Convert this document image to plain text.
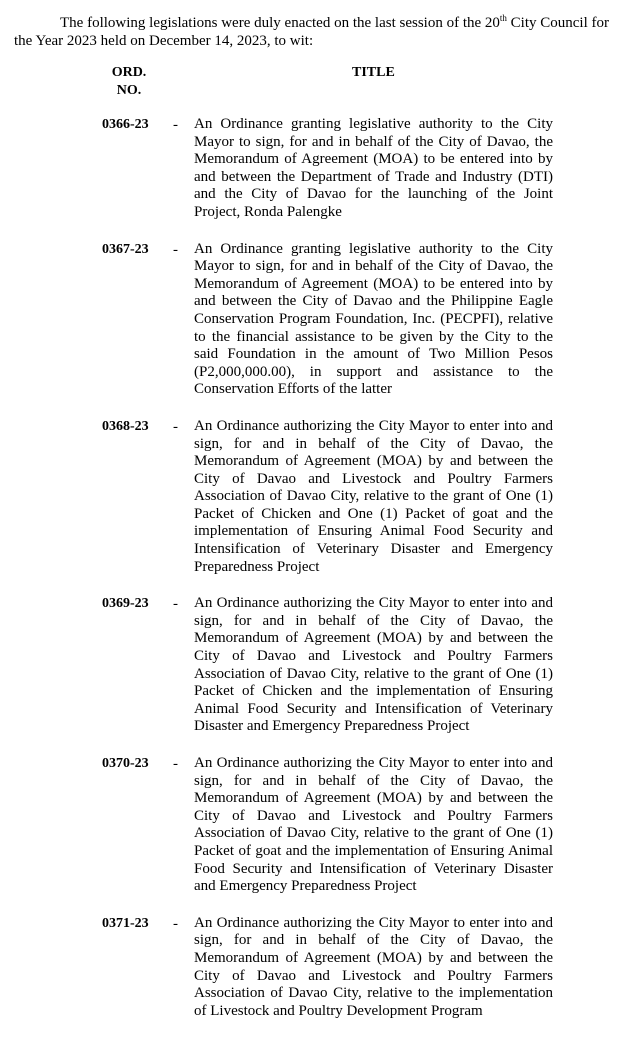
The following legislations were duly enacted on the last session of the 20th City Council for the Year 2023 held on December 14, 2023, to wit:

ORD. NO.
TITLE
0366-23 - An Ordinance granting legislative authority to the City Mayor to sign, for and in behalf of the City of Davao, the Memorandum of Agreement (MOA) to be entered into by and between the Department of Trade and Industry (DTI) and the City of Davao for the launching of the Joint Project, Ronda Palengke

0367-23 - An Ordinance granting legislative authority to the City Mayor to sign, for and in behalf of the City of Davao, the Memorandum of Agreement (MOA) to be entered into by and between the City of Davao and the Philippine Eagle Conservation Program Foundation, Inc. (PECPFI), relative to the financial assistance to be given by the City to the said Foundation in the amount of Two Million Pesos (P2,000,000.00), in support and assistance to the Conservation Efforts of the latter

0368-23 - An Ordinance authorizing the City Mayor to enter into and sign, for and in behalf of the City of Davao, the Memorandum of Agreement (MOA) by and between the City of Davao and Livestock and Poultry Farmers Association of Davao City, relative to the grant of One (1) Packet of Chicken and One (1) Packet of goat and the implementation of Ensuring Animal Food Security and Intensification of Veterinary Disaster and Emergency Preparedness Project

0369-23 - An Ordinance authorizing the City Mayor to enter into and sign, for and in behalf of the City of Davao, the Memorandum of Agreement (MOA) by and between the City of Davao and Livestock and Poultry Farmers Association of Davao City, relative to the grant of One (1) Packet of Chicken and the implementation of Ensuring Animal Food Security and Intensification of Veterinary Disaster and Emergency Preparedness Project

0370-23 - An Ordinance authorizing the City Mayor to enter into and sign, for and in behalf of the City of Davao, the Memorandum of Agreement (MOA) by and between the City of Davao and Livestock and Poultry Farmers Association of Davao City, relative to the grant of One (1) Packet of goat and the implementation of Ensuring Animal Food Security and Intensification of Veterinary Disaster and Emergency Preparedness Project

0371-23 - An Ordinance authorizing the City Mayor to enter into and sign, for and in behalf of the City of Davao, the Memorandum of Agreement (MOA) by and between the City of Davao and Livestock and Poultry Farmers Association of Davao City, relative to the implementation of Livestock and Poultry Development Program
